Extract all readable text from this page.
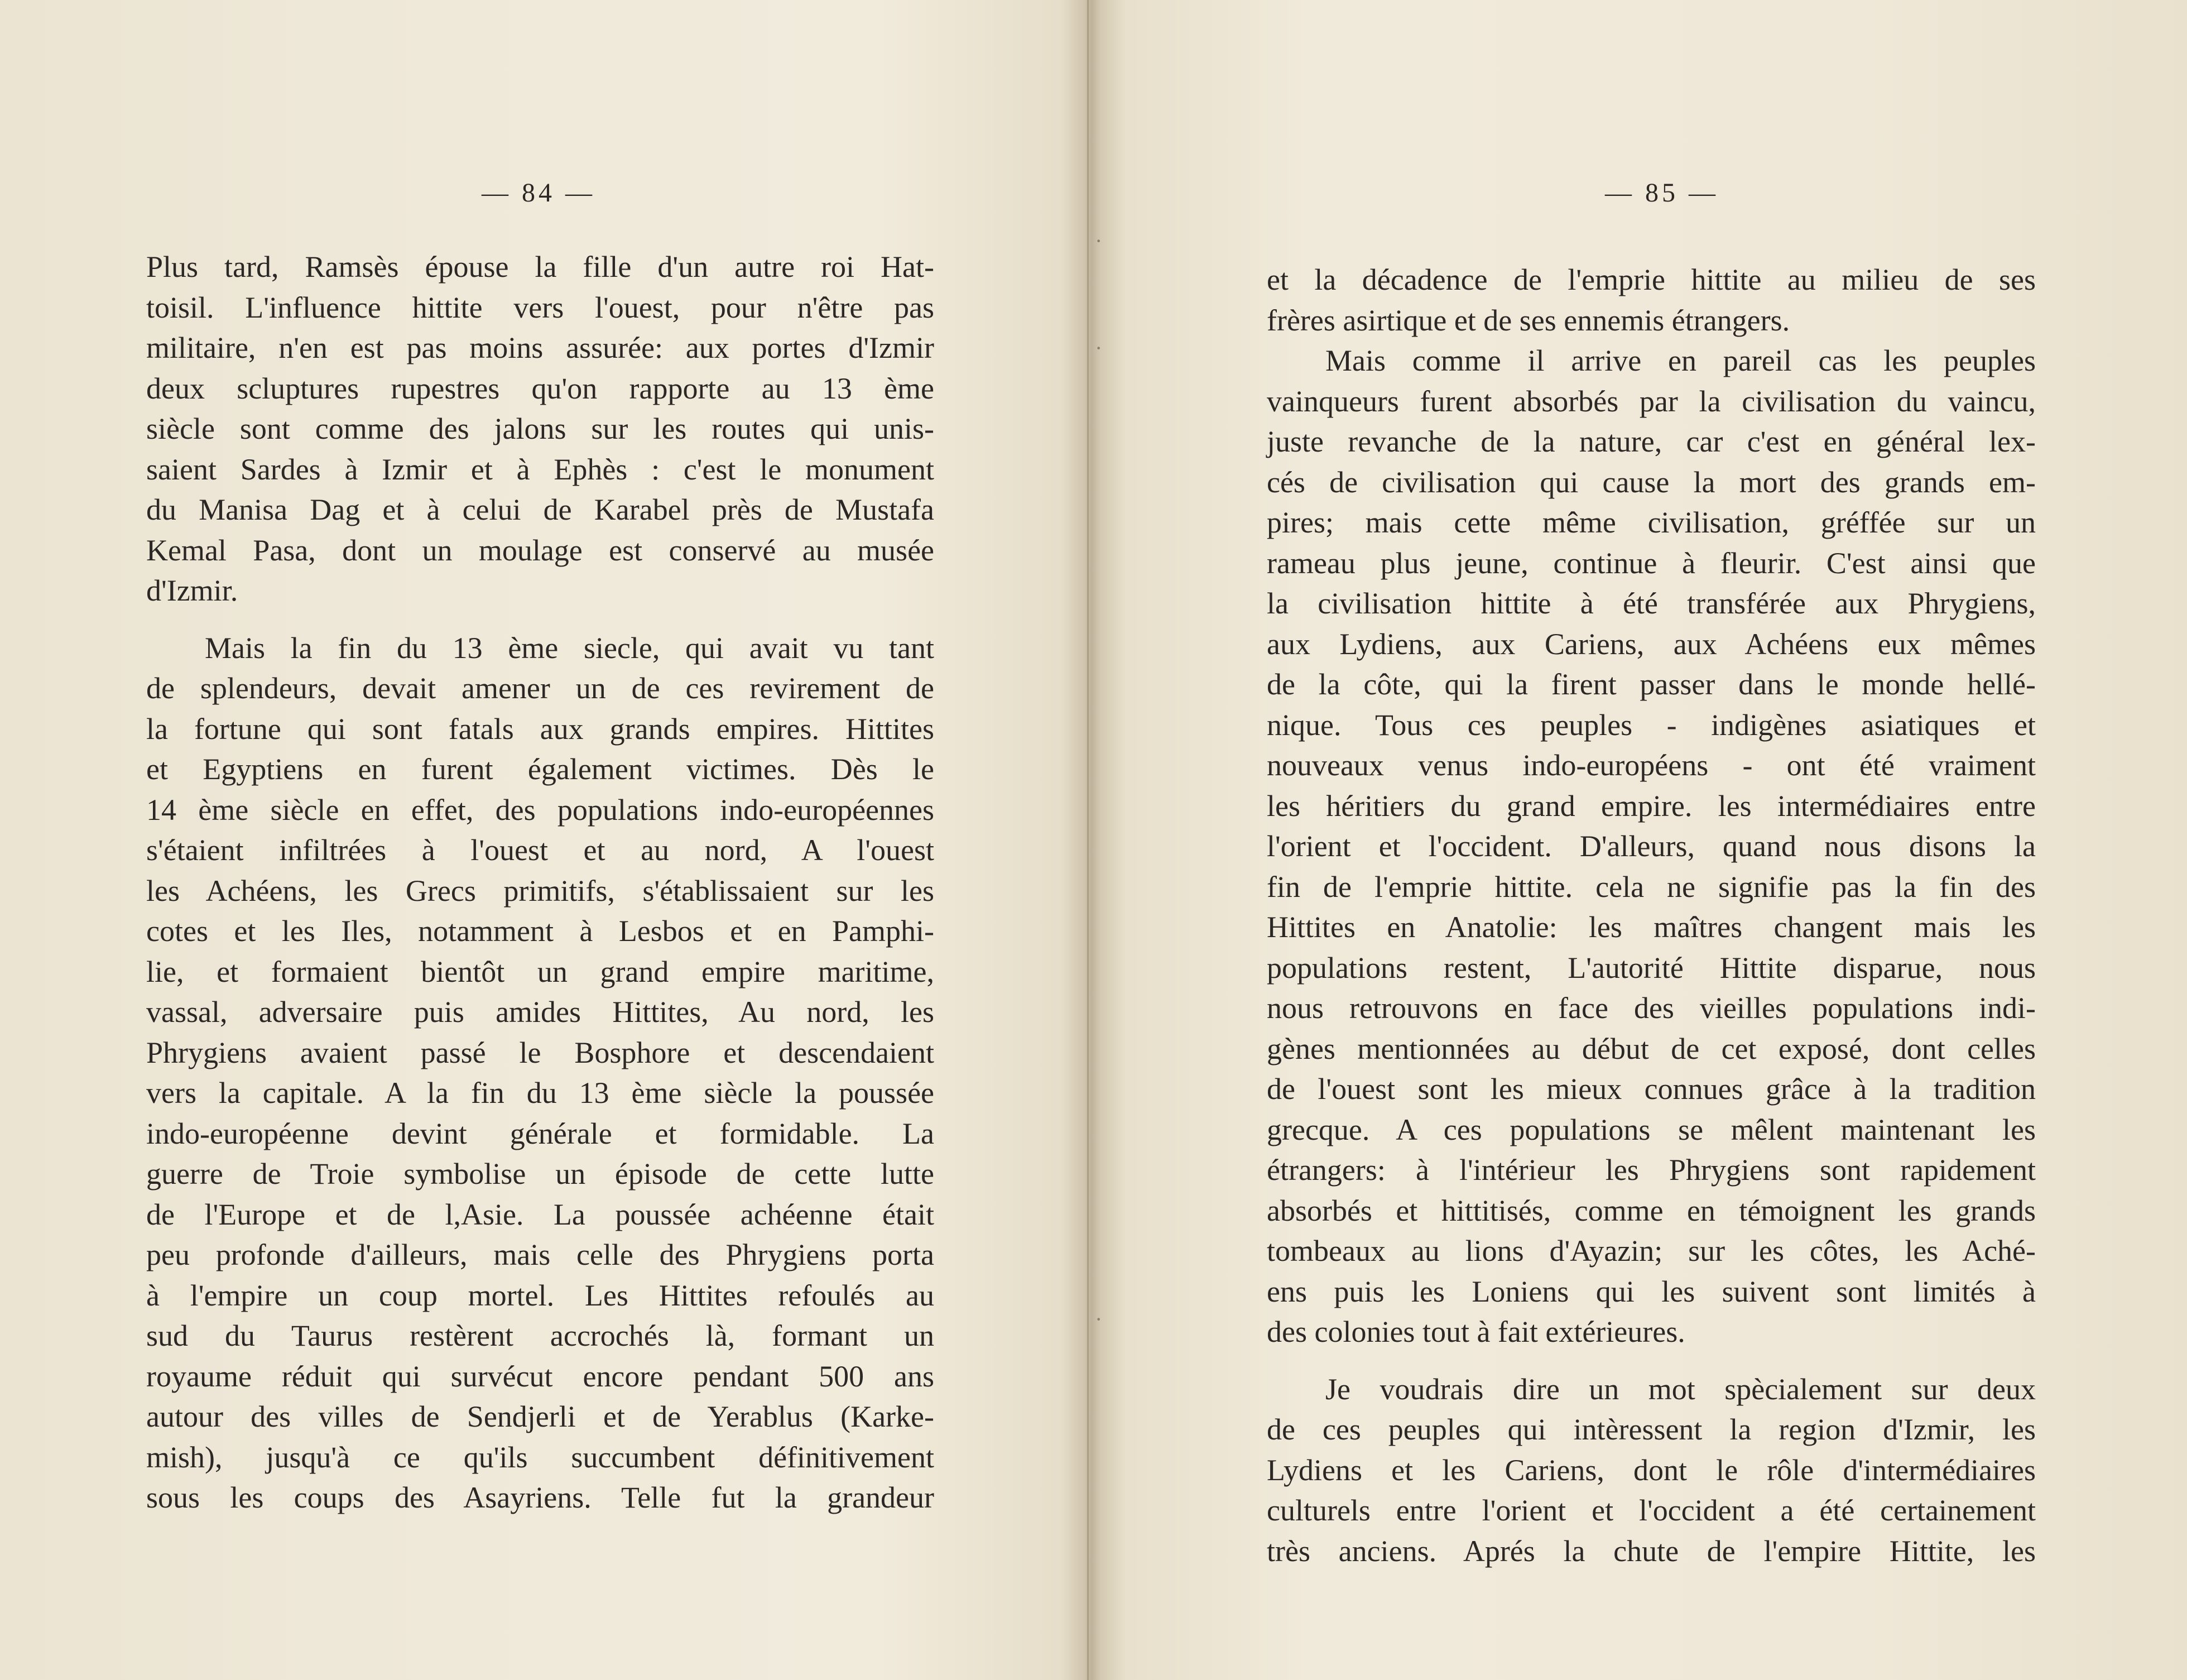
·
·
·
— 84 —
Plus tard, Ramsès épouse la fille d'un autre roi Hat-
toisil. L'influence hittite vers l'ouest, pour n'être pas
militaire, n'en est pas moins assurée: aux portes d'Izmir
deux scluptures rupestres qu'on rapporte au 13 ème
siècle sont comme des jalons sur les routes qui unis-
saient Sardes à Izmir et à Ephès : c'est le monument
du Manisa Dag et à celui de Karabel près de Mustafa
Kemal Pasa, dont un moulage est conservé au musée
d'Izmir.
Mais la fin du 13 ème siecle, qui avait vu tant
de splendeurs, devait amener un de ces revirement de
la fortune qui sont fatals aux grands empires. Hittites
et Egyptiens en furent également victimes. Dès le
14 ème siècle en effet, des populations indo-européennes
s'étaient infiltrées à l'ouest et au nord, A l'ouest
les Achéens, les Grecs primitifs, s'établissaient sur les
cotes et les Iles, notamment à Lesbos et en Pamphi-
lie, et formaient bientôt un grand empire maritime,
vassal, adversaire puis amides Hittites, Au nord, les
Phrygiens avaient passé le Bosphore et descendaient
vers la capitale. A la fin du 13 ème siècle la poussée
indo-européenne devint générale et formidable. La
guerre de Troie symbolise un épisode de cette lutte
de l'Europe et de l,Asie. La poussée achéenne était
peu profonde d'ailleurs, mais celle des Phrygiens porta
à l'empire un coup mortel. Les Hittites refoulés au
sud du Taurus restèrent accrochés là, formant un
royaume réduit qui survécut encore pendant 500 ans
autour des villes de Sendjerli et de Yerablus (Karke-
mish), jusqu'à ce qu'ils succumbent définitivement
sous les coups des Asayriens. Telle fut la grandeur
— 85 —
et la décadence de l'emprie hittite au milieu de ses
frères asirtique et de ses ennemis étrangers.
Mais comme il arrive en pareil cas les peuples
vainqueurs furent absorbés par la civilisation du vaincu,
juste revanche de la nature, car c'est en général lex-
cés de civilisation qui cause la mort des grands em-
pires; mais cette même civilisation, gréffée sur un
rameau plus jeune, continue à fleurir. C'est ainsi que
la civilisation hittite à été transférée aux Phrygiens,
aux Lydiens, aux Cariens, aux Achéens eux mêmes
de la côte, qui la firent passer dans le monde hellé-
nique. Tous ces peuples - indigènes asiatiques et
nouveaux venus indo-européens - ont été vraiment
les héritiers du grand empire. les intermédiaires entre
l'orient et l'occident. D'alleurs, quand nous disons la
fin de l'emprie hittite. cela ne signifie pas la fin des
Hittites en Anatolie: les maîtres changent mais les
populations restent, L'autorité Hittite disparue, nous
nous retrouvons en face des vieilles populations indi-
gènes mentionnées au début de cet exposé, dont celles
de l'ouest sont les mieux connues grâce à la tradition
grecque. A ces populations se mêlent maintenant les
étrangers: à l'intérieur les Phrygiens sont rapidement
absorbés et hittitisés, comme en témoignent les grands
tombeaux au lions d'Ayazin; sur les côtes, les Aché-
ens puis les Loniens qui les suivent sont limités à
des colonies tout à fait extérieures.
Je voudrais dire un mot spècialement sur deux
de ces peuples qui intèressent la region d'Izmir, les
Lydiens et les Cariens, dont le rôle d'intermédiaires
culturels entre l'orient et l'occident a été certainement
très anciens. Aprés la chute de l'empire Hittite, les
